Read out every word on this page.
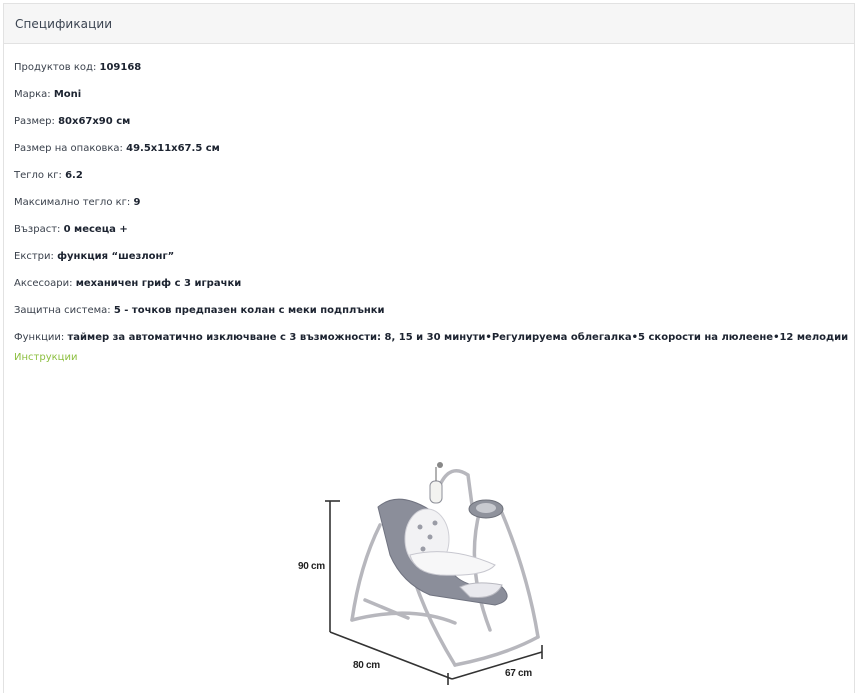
Спецификации
Продуктов код: 109168
Марка: Moni
Размер: 80x67x90 см
Размер на опаковка: 49.5x11x67.5 см
Тегло кг: 6.2
Максимално тегло кг: 9
Възраст: 0 месеца +
Екстри: функция “шезлонг”
Аксесоари: механичен гриф с 3 играчки
Защитна система: 5 - точков предпазен колан с меки подплънки
Функции: таймер за автоматично изключване с 3 възможности: 8, 15 и 30 минути•Регулируема облегалка•5 скорости на люлеене•12 мелодии
Инструкции
90 cm
80 cm
67 cm
